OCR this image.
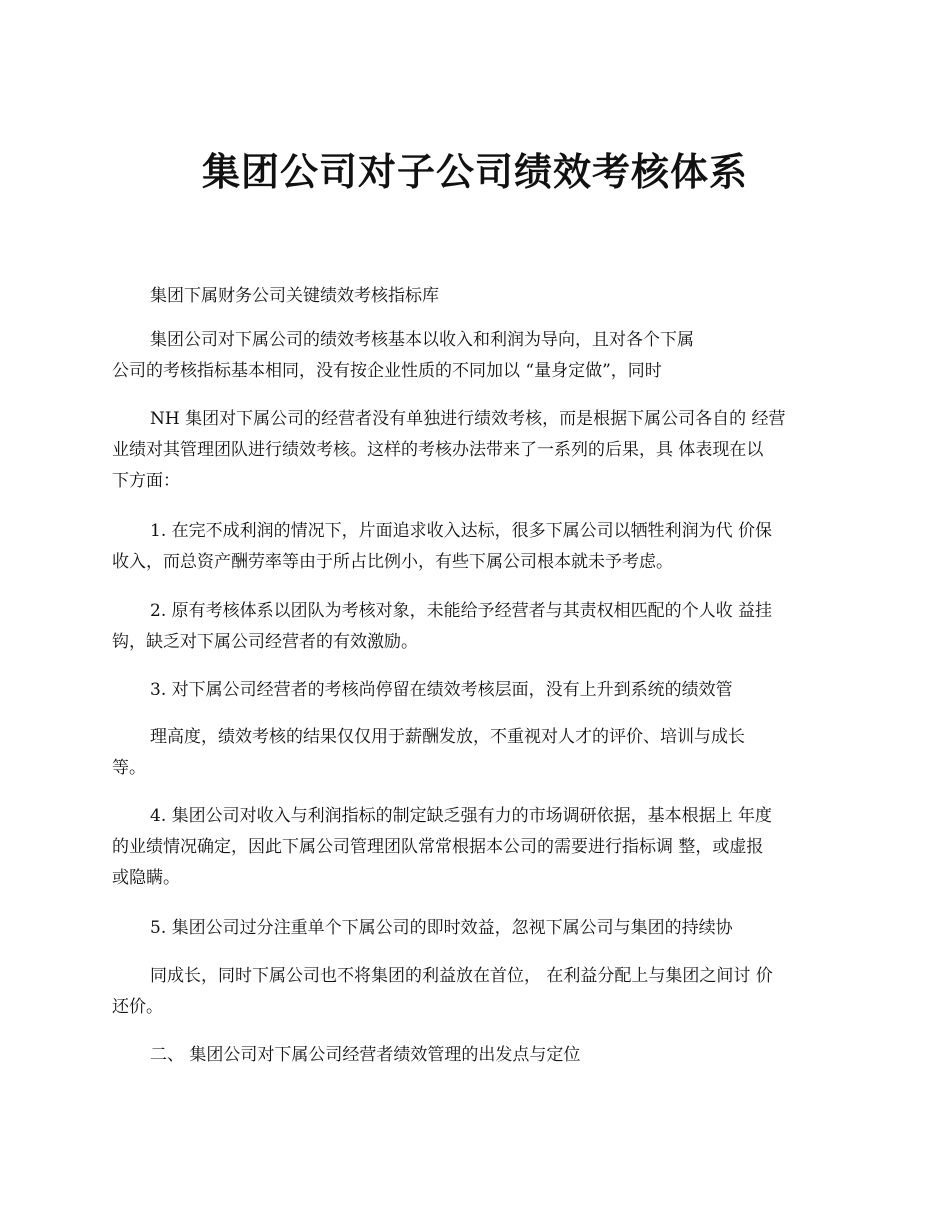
集团公司对子公司绩效考核体系

集团下属财务公司关键绩效考核指标库

集团公司对下属公司的绩效考核基本以收入和利润为导向，且对各个下属
公司的考核指标基本相同，没有按企业性质的不同加以 “量身定做”，同时

NH 集团对下属公司的经营者没有单独进行绩效考核，而是根据下属公司各自的 经营
业绩对其管理团队进行绩效考核。这样的考核办法带来了一系列的后果，具 体表现在以
下方面：

1. 在完不成利润的情况下，片面追求收入达标，很多下属公司以牺牲利润为代 价保
收入，而总资产酬劳率等由于所占比例小，有些下属公司根本就未予考虑。

2. 原有考核体系以团队为考核对象，未能给予经营者与其责权相匹配的个人收 益挂
钩，缺乏对下属公司经营者的有效激励。

3. 对下属公司经营者的考核尚停留在绩效考核层面，没有上升到系统的绩效管

理高度，绩效考核的结果仅仅用于薪酬发放，不重视对人才的评价、培训与成长
等。

4. 集团公司对收入与利润指标的制定缺乏强有力的市场调研依据，基本根据上 年度
的业绩情况确定，因此下属公司管理团队常常根据本公司的需要进行指标调 整，或虚报
或隐瞒。

5. 集团公司过分注重单个下属公司的即时效益，忽视下属公司与集团的持续协

同成长，同时下属公司也不将集团的利益放在首位， 在利益分配上与集团之间讨 价
还价。

二、 集团公司对下属公司经营者绩效管理的出发点与定位
